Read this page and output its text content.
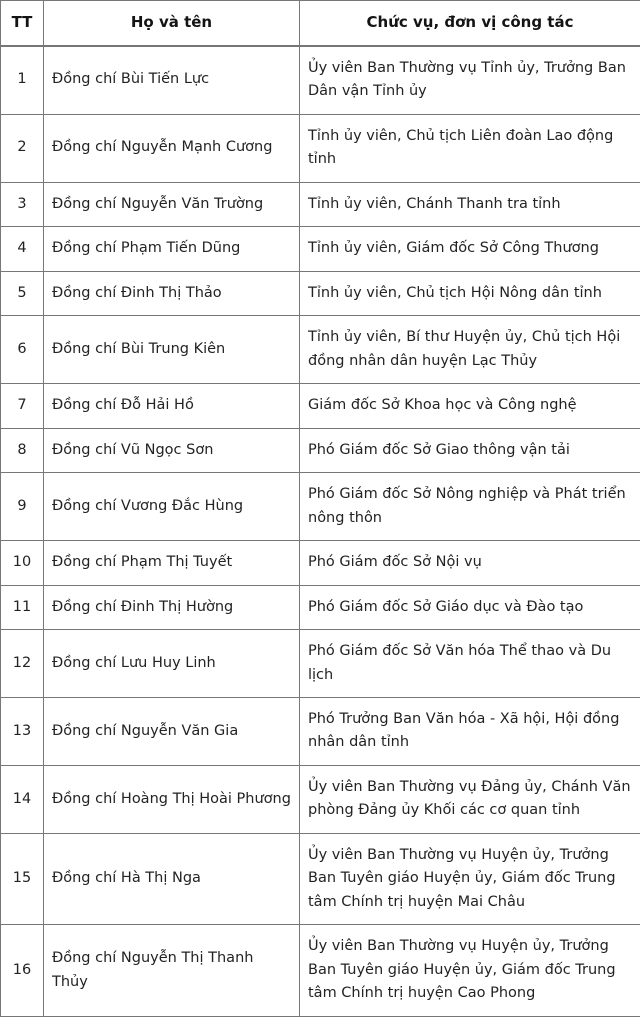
TT	Họ và tên	Chức vụ, đơn vị công tác
1	Đồng chí Bùi Tiến Lực	Ủy viên Ban Thường vụ Tỉnh ủy, Trưởng Ban Dân vận Tỉnh ủy
2	Đồng chí Nguyễn Mạnh Cương	Tỉnh ủy viên, Chủ tịch Liên đoàn Lao động tỉnh
3	Đồng chí Nguyễn Văn Trường	Tỉnh ủy viên, Chánh Thanh tra tỉnh
4	Đồng chí Phạm Tiến Dũng	Tỉnh ủy viên, Giám đốc Sở Công Thương
5	Đồng chí Đinh Thị Thảo	Tỉnh ủy viên, Chủ tịch Hội Nông dân tỉnh
6	Đồng chí Bùi Trung Kiên	Tỉnh ủy viên, Bí thư Huyện ủy, Chủ tịch Hội đồng nhân dân huyện Lạc Thủy
7	Đồng chí Đỗ Hải Hồ	Giám đốc Sở Khoa học và Công nghệ
8	Đồng chí Vũ Ngọc Sơn	Phó Giám đốc Sở Giao thông vận tải
9	Đồng chí Vương Đắc Hùng	Phó Giám đốc Sở Nông nghiệp và Phát triển nông thôn
10	Đồng chí Phạm Thị Tuyết	Phó Giám đốc Sở Nội vụ
11	Đồng chí Đinh Thị Hường	Phó Giám đốc Sở Giáo dục và Đào tạo
12	Đồng chí Lưu Huy Linh	Phó Giám đốc Sở Văn hóa Thể thao và Du lịch
13	Đồng chí Nguyễn Văn Gia	Phó Trưởng Ban Văn hóa - Xã hội, Hội đồng nhân dân tỉnh
14	Đồng chí Hoàng Thị Hoài Phương	Ủy viên Ban Thường vụ Đảng ủy, Chánh Văn phòng Đảng ủy Khối các cơ quan tỉnh
15	Đồng chí Hà Thị Nga	Ủy viên Ban Thường vụ Huyện ủy, Trưởng Ban Tuyên giáo Huyện ủy, Giám đốc Trung tâm Chính trị huyện Mai Châu
16	Đồng chí Nguyễn Thị Thanh Thủy	Ủy viên Ban Thường vụ Huyện ủy, Trưởng Ban Tuyên giáo Huyện ủy, Giám đốc Trung tâm Chính trị huyện Cao Phong
